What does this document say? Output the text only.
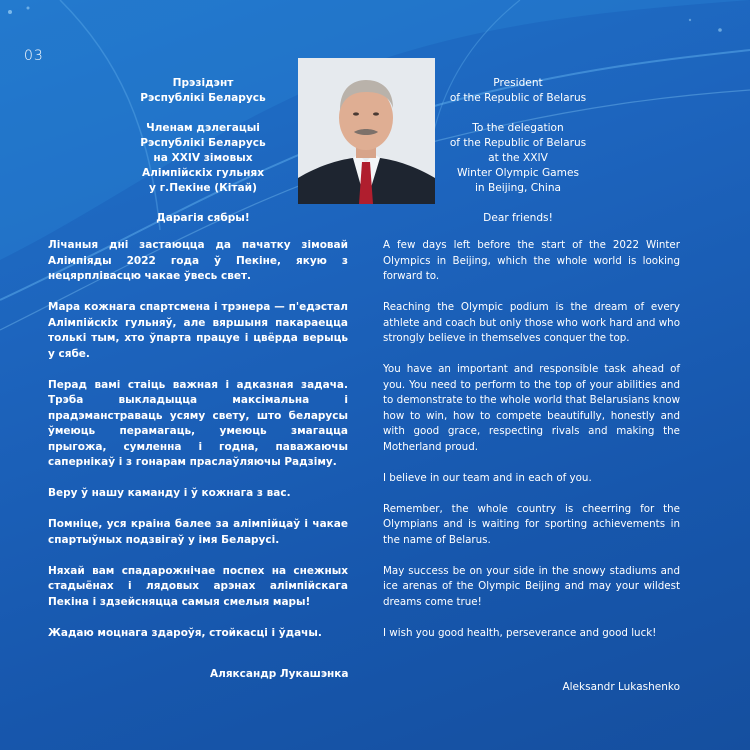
03
Прэзідэнт
Рэспублікі Беларусь
Членам дэлегацыі
Рэспублікі Беларусь
на XXIV зімовых
Алімпійскіх гульнях
у г.Пекіне (Кітай)
Дарагія сябры!
President
of the Republic of Belarus
To the delegation
of the Republic of Belarus
at the XXIV
Winter Olympic Games
in Beijing, China
Dear friends!

Лічаныя дні застаюцца да пачатку зімовай Алімпіяды 2022 года ў Пекіне, якую з нецярплівасцю чакае ўвесь свет.

Мара кожнага спартсмена і трэнера — п'едэстал Алімпійскіх гульняў, але вяршыня пакараецца толькі тым, хто ўпарта працуе і цвёрда верыць у сябе.

Перад вамі стаіць важная і адказная задача. Трэба выкладыцца максімальна і прадэманстраваць усяму свету, што беларусы ўмеюць перамагаць, умеюць змагацца прыгожа, сумленна і годна, паважаючы сапернікаў і з гонарам праслаўляючы Радзіму.

Веру ў нашу каманду і ў кожнага з вас.

Помніце, уся краіна балее за алімпійцаў і чакае спартыўных подзвігаў у імя Беларусі.

Няхай вам спадарожнічае поспех на снежных стадыёнах і лядовых арэнах алімпійскага Пекіна і здзейсняцца самыя смелыя мары!

Жадаю моцнага здароўя, стойкасці і ўдачы.

A few days left before the start of the 2022 Winter Olympics in Beijing, which the whole world is looking forward to.

Reaching the Olympic podium is the dream of every athlete and coach but only those who work hard and who strongly believe in themselves conquer the top.

You have an important and responsible task ahead of you. You need to perform to the top of your abilities and to demonstrate to the whole world that Belarusians know how to win, how to compete beautifully, honestly and with good grace, respecting rivals and making the Motherland proud.

I believe in our team and in each of you.

Remember, the whole country is cheerring for the Olympians and is waiting for sporting achievements in the name of Belarus.

May success be on your side in the snowy stadiums and ice arenas of the Olympic Beijing and may your wildest dreams come true!

I wish you good health, perseverance and good luck!

Аляксандр Лукашэнка
Aleksandr Lukashenko
